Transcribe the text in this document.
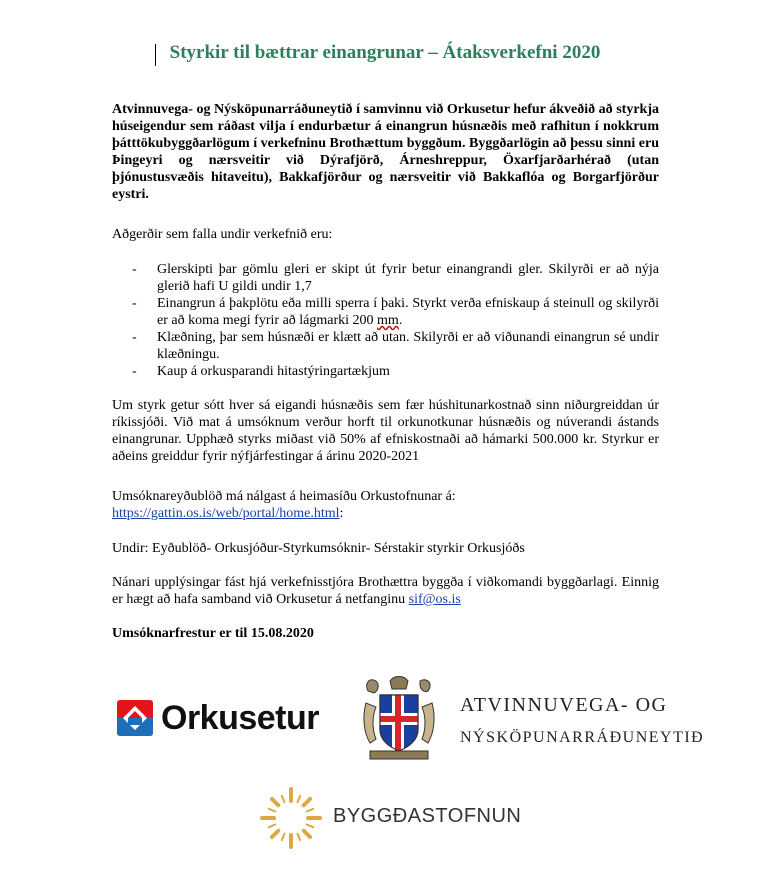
Styrkir til bættrar einangrunar – Átaksverkefni 2020
Atvinnuvega- og Nýsköpunarráðuneytið í samvinnu við Orkusetur hefur ákveðið að styrkja húseigendur sem ráðast vilja í endurbætur á einangrun húsnæðis með rafhitun í nokkrum þátttökubyggðarlögum í verkefninu Brothættum byggðum. Byggðarlögin að þessu sinni eru Þingeyri og nærsveitir við Dýrafjörð, Árneshreppur, Öxarfjarðarhérað (utan þjónustusvæðis hitaveitu), Bakkafjörður og nærsveitir við Bakkaflóa og Borgarfjörður eystri.
Aðgerðir sem falla undir verkefnið eru:
- Glerskipti þar gömlu gleri er skipt út fyrir betur einangrandi gler. Skilyrði er að nýja glerið hafi U gildi undir 1,7
- Einangrun á þakplötu eða milli sperra í þaki. Styrkt verða efniskaup á steinull og skilyrði er að koma megi fyrir að lágmarki 200 mm.
- Klæðning, þar sem húsnæði er klætt að utan. Skilyrði er að viðunandi einangrun sé undir klæðningu.
- Kaup á orkusparandi hitastýringartækjum
Um styrk getur sótt hver sá eigandi húsnæðis sem fær húshitunarkostnað sinn niðurgreiddan úr ríkissjóði. Við mat á umsóknum verður horft til orkunotkunar húsnæðis og núverandi ástands einangrunar. Upphæð styrks miðast við 50% af efniskostnaði að hámarki 500.000 kr. Styrkur er aðeins greiddur fyrir nýfjárfestingar á árinu 2020-2021
Umsóknareyðublöð má nálgast á heimasíðu Orkustofnunar á:
https://gattin.os.is/web/portal/home.html:
Undir: Eyðublöð- Orkusjóður-Styrkumsóknir- Sérstakir styrkir Orkusjóðs
Nánari upplýsingar fást hjá verkefnisstjóra Brothættra byggða í viðkomandi byggðarlagi. Einnig er hægt að hafa samband við Orkusetur á netfanginu sif@os.is
Umsóknarfrestur er til 15.08.2020
Orkusetur	ATVINNUVEGA- OG
NÝSKÖPUNARRÁÐUNEYTIÐ
BYGGÐASTOFNUN
